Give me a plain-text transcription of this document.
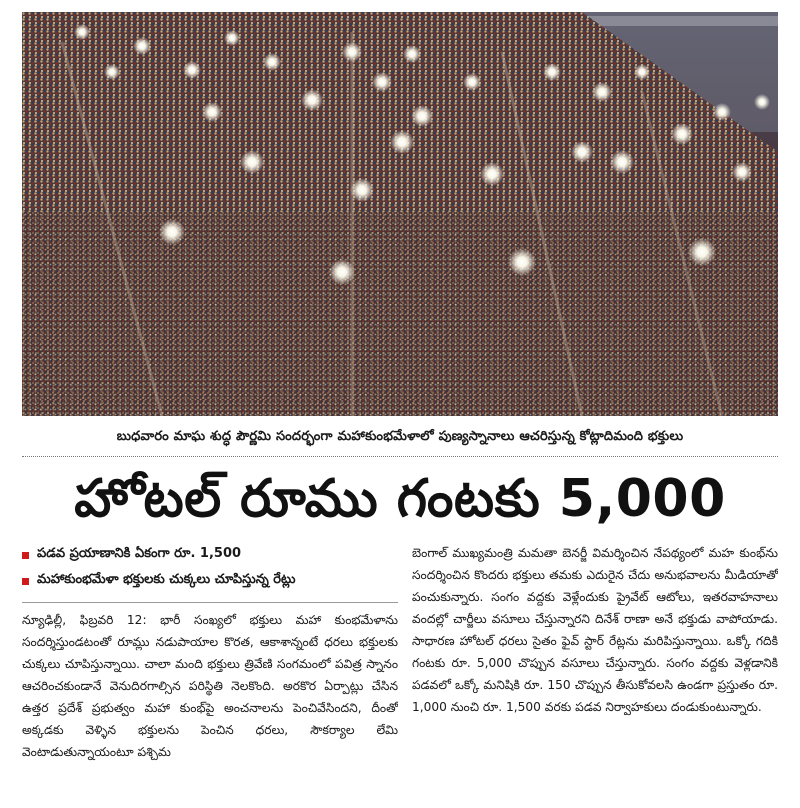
బుధవారం మాఘ శుద్ధ పౌర్ణమి సందర్భంగా మహాకుంభమేళాలో పుణ్యస్నానాలు ఆచరిస్తున్న కోట్లాదిమంది భక్తులు
హోటల్ రూము గంటకు 5,000
పడవ ప్రయాణానికి ఏకంగా రూ. 1,500
మహాకుంభమేళా భక్తులకు చుక్కలు చూపిస్తున్న రేట్లు

న్యూఢిల్లీ, ఫిబ్రవరి 12: భారీ సంఖ్యలో భక్తులు మహా కుంభమేళాను సందర్శిస్తుండటంతో రూమ్లు నడుపాయాల కొరత, ఆకాశాన్నంటే ధరలు భక్తులకు చుక్కలు చూపిస్తున్నాయి. చాలా మంది భక్తులు త్రివేణి సంగమంలో పవిత్ర స్నానం ఆచరించకుండానే వెనుదిరగాల్సిన పరిస్థితి నెలకొంది. అరకొర ఏర్పాట్లు చేసిన ఉత్తర ప్రదేశ్ ప్రభుత్వం మహా కుంభ్‌పై అంచనాలను పెంచివేసిందని, దీంతో అక్కడకు వెళ్ళిన భక్తులను పెంచిన ధరలు, సౌకర్యాల లేమి వెంటాడుతున్నాయంటూ పశ్చిమ

బెంగాల్ ముఖ్యమంత్రి మమతా బెనర్జీ విమర్శించిన నేపథ్యంలో మహ కుంభ్‌ను సందర్శించిన కొందరు భక్తులు తమకు ఎదురైన చేదు అనుభవాలను మీడియాతో పంచుకున్నారు. సంగం వద్దకు వెళ్లేందుకు ప్రైవేట్ ఆటోలు, ఇతరవాహనాలు వందల్లో చార్జీలు వసూలు చేస్తున్నారని దినేశ్ రాణా అనే భక్తుడు వాపోయాడు. సాధారణ హోటల్ ధరలు సైతం ఫైవ్ స్టార్ రేట్లను మరిపిస్తున్నాయి. ఒక్కో గదికి గంటకు రూ. 5,000 చొప్పున వసూలు చేస్తున్నారు. సంగం వద్దకు వెళ్లడానికి పడవలో ఒక్కో మనిషికి రూ. 150 చొప్పున తీసుకోవలసి ఉండగా ప్రస్తుతం రూ. 1,000 నుంచి రూ. 1,500 వరకు పడవ నిర్వాహకులు దండుకుంటున్నారు.
